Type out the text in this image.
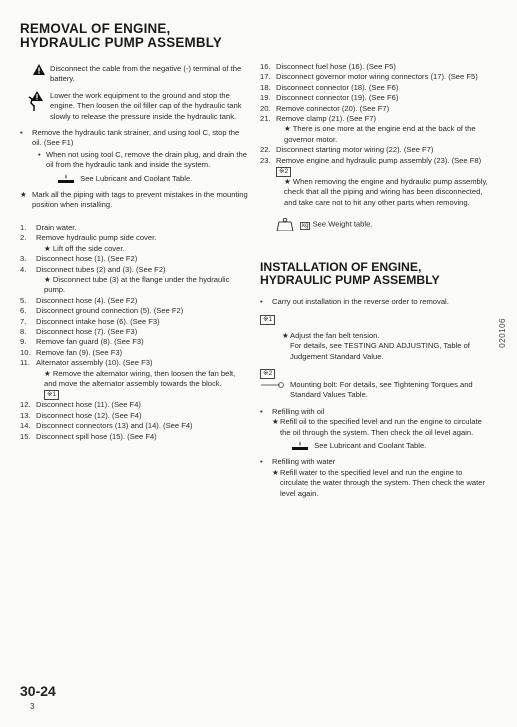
REMOVAL OF ENGINE,
HYDRAULIC PUMP ASSEMBLY
Disconnect the cable from the negative (-) terminal of the battery.
Lower the work equipment to the ground and stop the engine. Then loosen the oil filler cap of the hydraulic tank slowly to release the pressure inside the hydraulic tank.
• Remove the hydraulic tank strainer, and using tool C, stop the oil. (See F1)
• When not using tool C, remove the drain plug, and drain the oil from the hydraulic tank and inside the system.
See Lubricant and Coolant Table.
★ Mark all the piping with tags to prevent mistakes in the mounting position when installing.
1. Drain water.
2. Remove hydraulic pump side cover.
★ Lift off the side cover.
3. Disconnect hose (1). (See F2)
4. Disconnect tubes (2) and (3). (See F2)
★ Disconnect tube (3) at the flange under the hydraulic pump.
5. Disconnect hose (4). (See F2)
6. Disconnect ground connection (5). (See F2)
7. Disconnect intake hose (6). (See F3)
8. Disconnect hose (7). (See F3)
9. Remove fan guard (8). (See F3)
10. Remove fan (9). (See F3)
11. Alternator assembly (10). (See F3)
★ Remove the alternator wiring, then loosen the fan belt, and move the alternator assembly towards the block.
※1
12. Disconnect hose (11). (See F4)
13. Disconnect hose (12). (See F4)
14. Disconnect connectors (13) and (14). (See F4)
15. Disconnect spill hose (15). (See F4)
16. Disconnect fuel hose (16). (See F5)
17. Disconnect governor motor wiring connectors (17). (See F5)
18. Disconnect connector (18). (See F6)
19. Disconnect connector (19). (See F6)
20. Remove connector (20). (See F7)
21. Remove clamp (21). (See F7)
★ There is one more at the engine end at the back of the governor motor.
22. Disconnect starting motor wiring (22). (See F7)
23. Remove engine and hydraulic pump assembly (23). (See F8)
※2
★ When removing the engine and hydraulic pump assembly, check that all the piping and wiring has been disconnected, and take care not to hit any other parts when removing.
kg See Weight table.
INSTALLATION OF ENGINE,
HYDRAULIC PUMP ASSEMBLY
• Carry out installation in the reverse order to removal.
※1
★ Adjust the fan belt tension.
For details, see TESTING AND ADJUSTING, Table of Judgement Standard Value.
※2
Mounting bolt: For details, see Tightening Torques and Standard Values Table.
• Refilling with oil
★ Refill oil to the specified level and run the engine to circulate the oil through the system. Then check the oil level again.
See Lubricant and Coolant Table.
• Refilling with water
★ Refill water to the specified level and run the engine to circulate the water through the system. Then check the water level again.
020106
30-24
3
